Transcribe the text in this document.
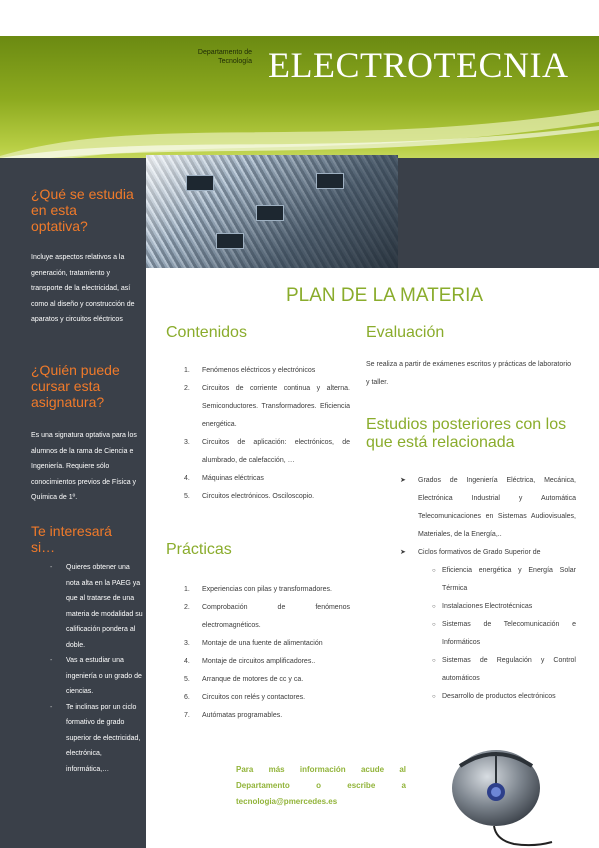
Departamento de
Tecnología ELECTROTECNIA
¿Qué se estudia en esta optativa?

Incluye aspectos relativos a la generación, tratamiento y transporte de la electricidad, así como al diseño y construcción de aparatos y circuitos eléctricos

¿Quién puede cursar esta asignatura?

Es una signatura optativa para los alumnos de la rama de Ciencia e Ingeniería. Requiere sólo conocimientos previos de Física y Química de 1º.

Te interesará si…
- Quieres obtener una nota alta en la PAEG ya que al tratarse de una materia de modalidad su calificación pondera al doble.
- Vas a estudiar una ingeniería o un grado de ciencias.
- Te inclinas por un ciclo formativo de grado superior de electricidad, electrónica, informática,…
PLAN DE LA MATERIA
Contenidos
1. Fenómenos eléctricos y electrónicos
2. Circuitos de corriente continua y alterna. Semiconductores. Transformadores. Eficiencia energética.
3. Circuitos de aplicación: electrónicos, de alumbrado, de calefacción, …
4. Máquinas eléctricas
5. Circuitos electrónicos. Osciloscopio.
Prácticas
1. Experiencias con pilas y transformadores.
2. Comprobación de fenómenos electromagnéticos.
3. Montaje de una fuente de alimentación
4. Montaje de circuitos amplificadores..
5. Arranque de motores de cc y ca.
6. Circuitos con relés y contactores.
7. Autómatas programables.
Evaluación

Se realiza a partir de exámenes escritos y prácticas de laboratorio y taller.

Estudios posteriores con los que está relacionada
➤ Grados de Ingeniería Eléctrica, Mecánica, Electrónica Industrial y Automática Telecomunicaciones en Sistemas Audiovisuales, Materiales, de la Energía,..
➤ Ciclos formativos de Grado Superior de
○ Eficiencia energética y Energía Solar Térmica
○ Instalaciones Electrotécnicas
○ Sistemas de Telecomunicación e Informáticos
○ Sistemas de Regulación y Control automáticos
○ Desarrollo de productos electrónicos

Para más información acude al Departamento o escribe a tecnologia@pmercedes.es
